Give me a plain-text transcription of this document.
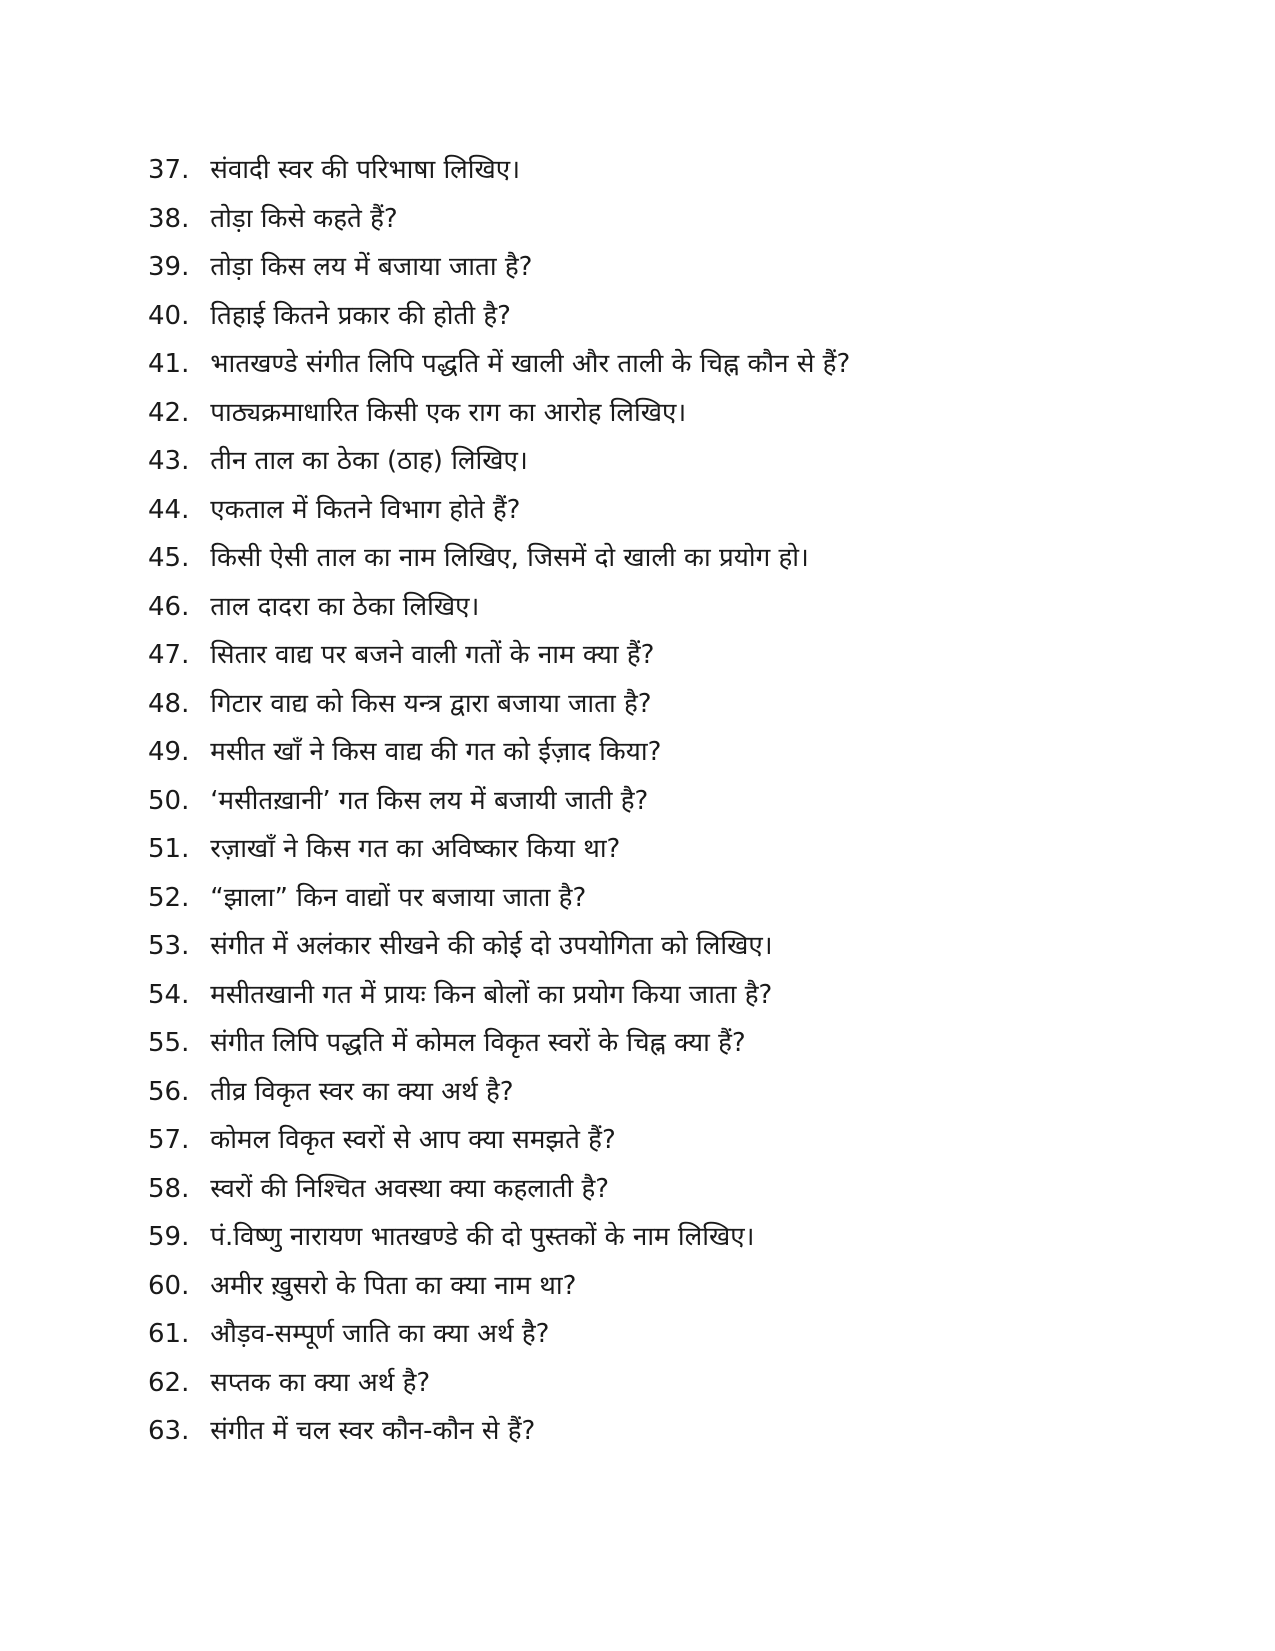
37. संवादी स्वर की परिभाषा लिखिए।
38. तोड़ा किसे कहते हैं?
39. तोड़ा किस लय में बजाया जाता है?
40. तिहाई कितने प्रकार की होती है?
41. भातखण्डे संगीत लिपि पद्धति में खाली और ताली के चिह्न कौन से हैं?
42. पाठ्यक्रमाधारित किसी एक राग का आरोह लिखिए।
43. तीन ताल का ठेका (ठाह) लिखिए।
44. एकताल में कितने विभाग होते हैं?
45. किसी ऐसी ताल का नाम लिखिए, जिसमें दो खाली का प्रयोग हो।
46. ताल दादरा का ठेका लिखिए।
47. सितार वाद्य पर बजने वाली गतों के नाम क्या हैं?
48. गिटार वाद्य को किस यन्त्र द्वारा बजाया जाता है?
49. मसीत खाँ ने किस वाद्य की गत को ईज़ाद किया?
50. ‘मसीतख़ानी’ गत किस लय में बजायी जाती है?
51. रज़ाखाँ ने किस गत का अविष्कार किया था?
52. “झाला” किन वाद्यों पर बजाया जाता है?
53. संगीत में अलंकार सीखने की कोई दो उपयोगिता को लिखिए।
54. मसीतखानी गत में प्रायः किन बोलों का प्रयोग किया जाता है?
55. संगीत लिपि पद्धति में कोमल विकृत स्वरों के चिह्न क्या हैं?
56. तीव्र विकृत स्वर का क्या अर्थ है?
57. कोमल विकृत स्वरों से आप क्या समझते हैं?
58. स्वरों की निश्चित अवस्था क्या कहलाती है?
59. पं.विष्णु नारायण भातखण्डे की दो पुस्तकों के नाम लिखिए।
60. अमीर ख़ुसरो के पिता का क्या नाम था?
61. औड़व-सम्पूर्ण जाति का क्या अर्थ है?
62. सप्तक का क्या अर्थ है?
63. संगीत में चल स्वर कौन-कौन से हैं?
